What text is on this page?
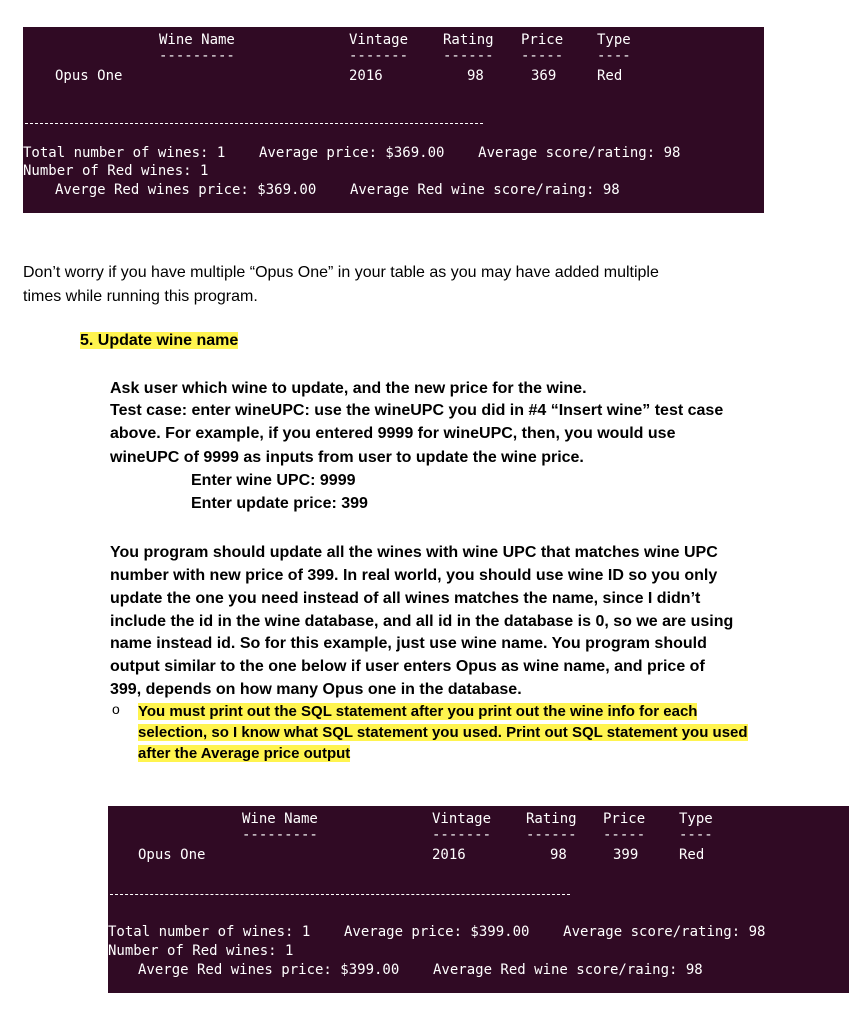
Wine Name	Vintage Rating Price Type
---------	------- ------ ----- ----
Opus One	2016	98	369	Red
Total number of wines: 1    Average price: $369.00    Average score/rating: 98
Number of Red wines: 1
Averge Red wines price: $369.00    Average Red wine score/raing: 98
Don’t worry if you have multiple “Opus One” in your table as you may have added multiple
times while running this program.
5. Update wine name
Ask user which wine to update, and the new price for the wine.
Test case: enter wineUPC: use the wineUPC you did in #4 “Insert wine” test case
above. For example, if you entered 9999 for wineUPC, then, you would use
wineUPC of 9999 as inputs from user to update the wine price.
Enter wine UPC: 9999
Enter update price: 399
You program should update all the wines with wine UPC that matches wine UPC
number with new price of 399. In real world, you should use wine ID so you only
update the one you need instead of all wines matches the name, since I didn’t
include the id in the wine database, and all id in the database is 0, so we are using
name instead id. So for this example, just use wine name. You program should
output similar to the one below if user enters Opus as wine name, and price of
399, depends on how many Opus one in the database.
o You must print out the SQL statement after you print out the wine info for each
selection, so I know what SQL statement you used. Print out SQL statement you used
after the Average price output
Wine Name	Vintage Rating Price Type
---------	------- ------ ----- ----
Opus One	2016	98	399	Red
Total number of wines: 1    Average price: $399.00    Average score/rating: 98
Number of Red wines: 1
Averge Red wines price: $399.00    Average Red wine score/raing: 98
